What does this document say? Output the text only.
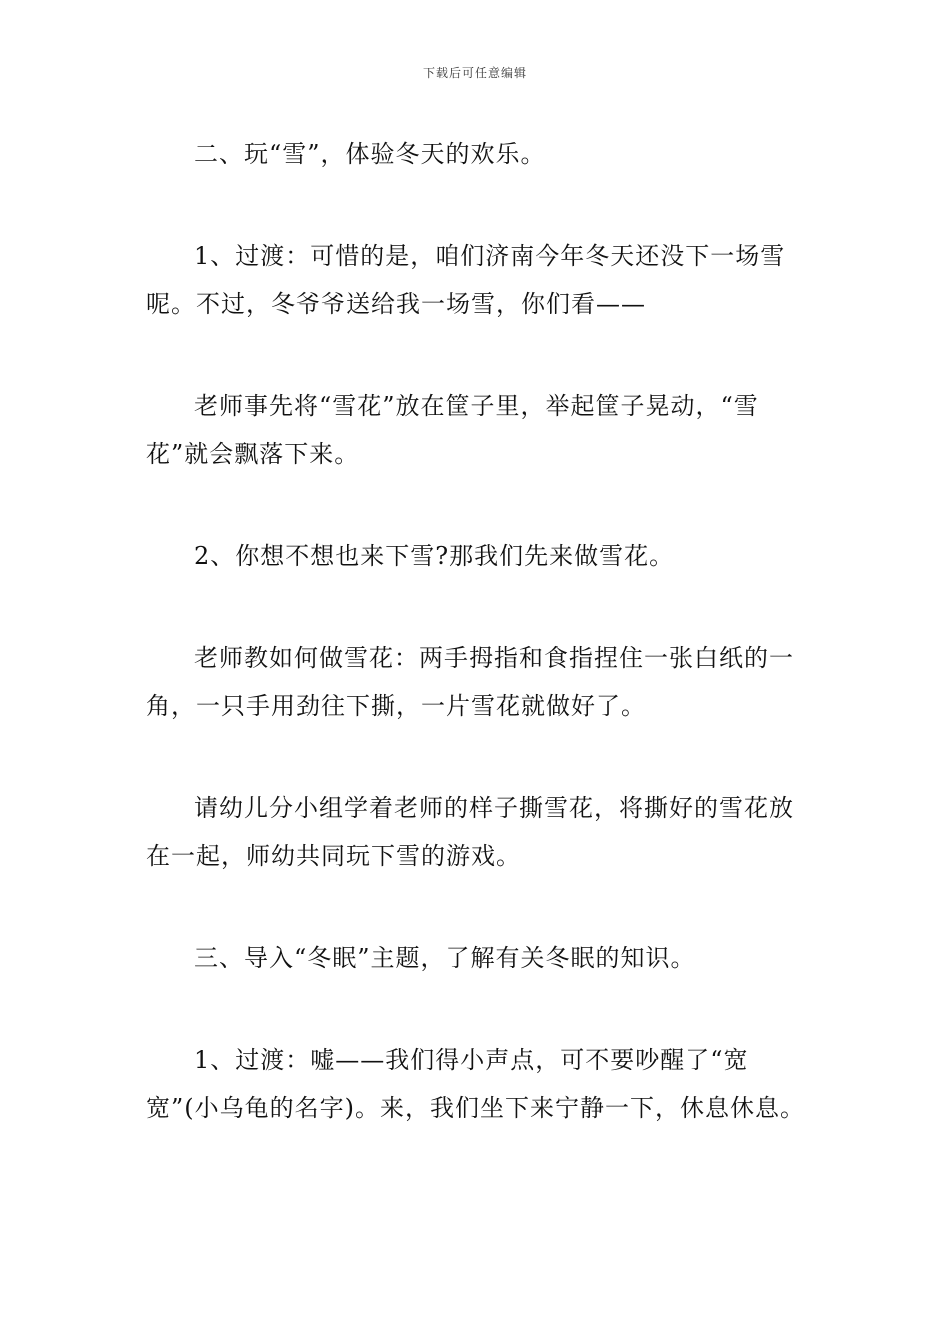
下载后可任意编辑

二、玩“雪”，体验冬天的欢乐。

1、过渡：可惜的是，咱们济南今年冬天还没下一场雪呢。不过，冬爷爷送给我一场雪，你们看——

老师事先将“雪花”放在筐子里，举起筐子晃动，“雪花”就会飘落下来。

2、你想不想也来下雪?那我们先来做雪花。

老师教如何做雪花：两手拇指和食指捏住一张白纸的一角，一只手用劲往下撕，一片雪花就做好了。

请幼儿分小组学着老师的样子撕雪花，将撕好的雪花放在一起，师幼共同玩下雪的游戏。

三、导入“冬眠”主题，了解有关冬眠的知识。

1、过渡：嘘——我们得小声点，可不要吵醒了“宽宽”(小乌龟的名字)。来，我们坐下来宁静一下，休息休息。
